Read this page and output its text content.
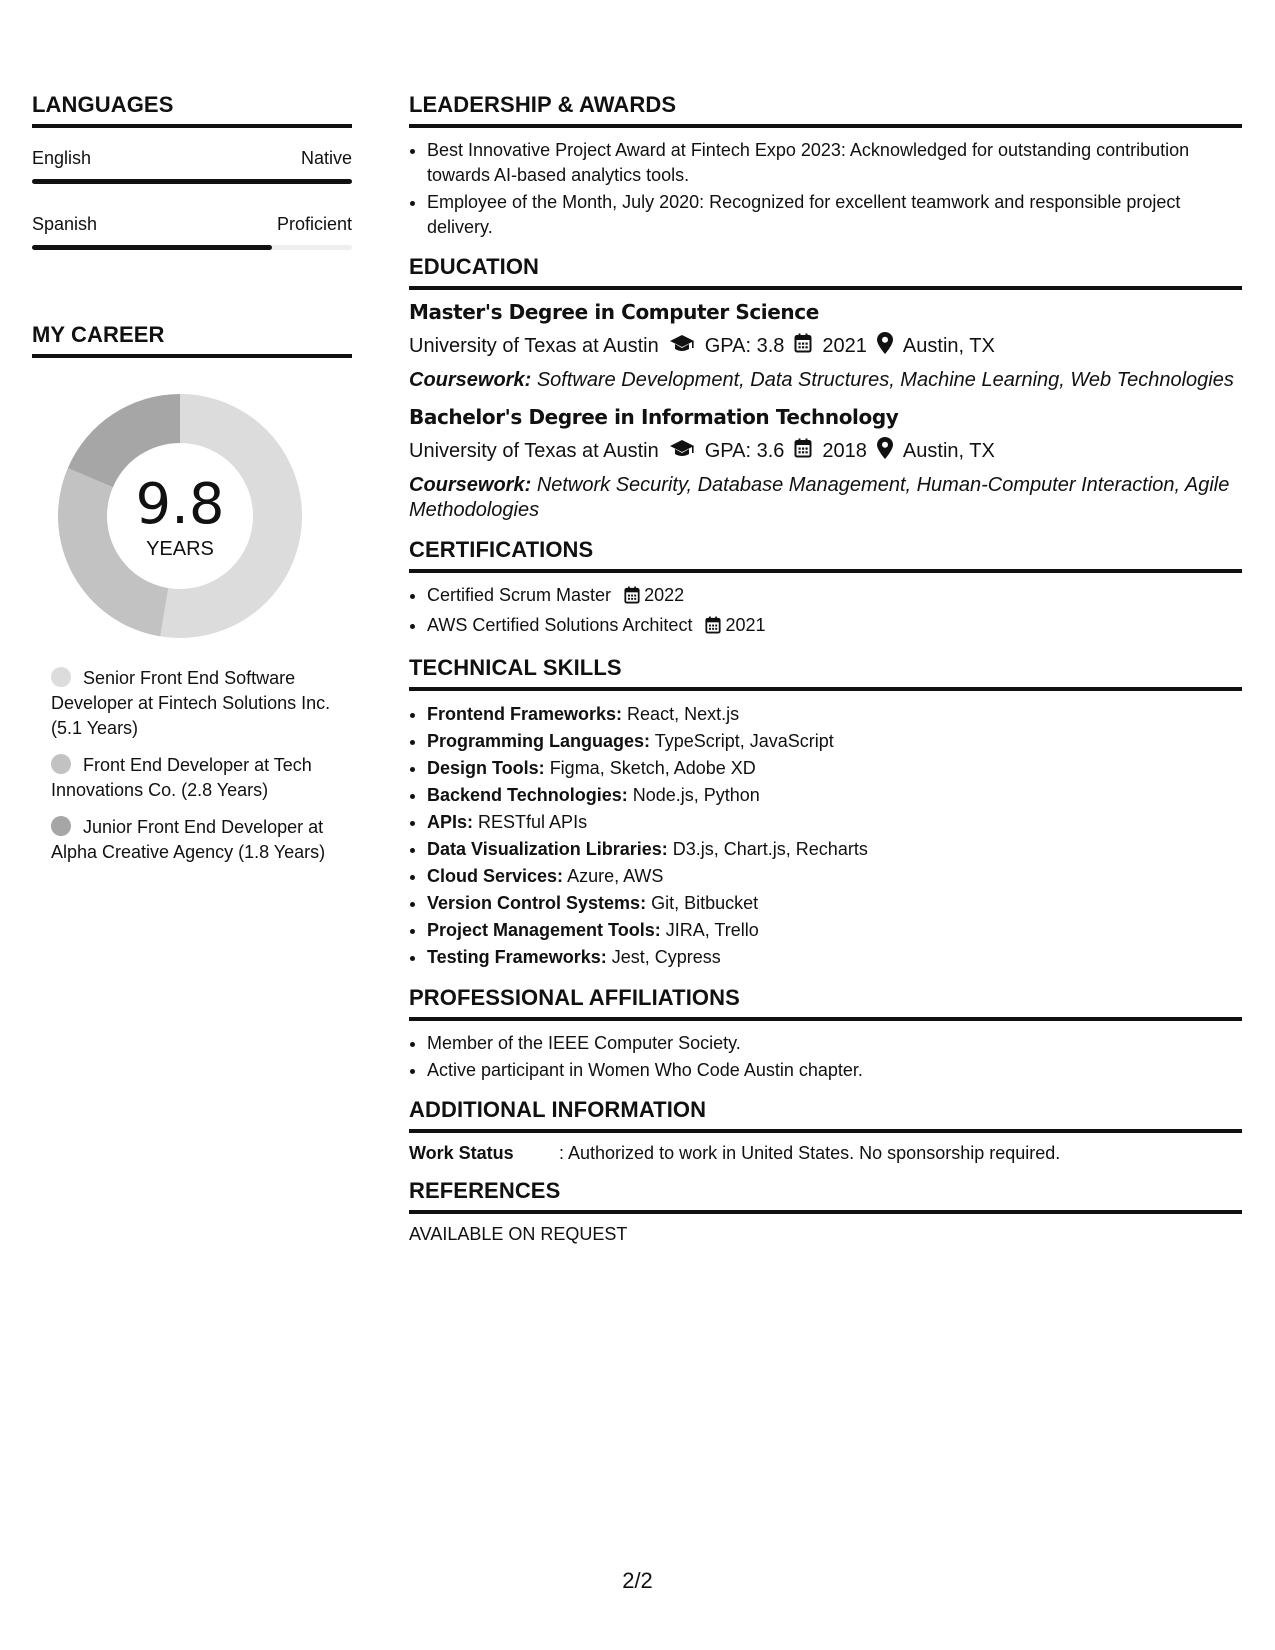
LANGUAGES
English	Native
Spanish	Proficient
MY CAREER
9.8
YEARS
Senior Front End Software Developer at Fintech Solutions Inc. (5.1 Years)
Front End Developer at Tech Innovations Co. (2.8 Years)
Junior Front End Developer at Alpha Creative Agency (1.8 Years)
LEADERSHIP & AWARDS
• Best Innovative Project Award at Fintech Expo 2023: Acknowledged for outstanding contribution towards AI-based analytics tools.
• Employee of the Month, July 2020: Recognized for excellent teamwork and responsible project delivery.
EDUCATION
Master's Degree in Computer Science
University of Texas at Austin GPA: 3.8 2021 Austin, TX
Coursework: Software Development, Data Structures, Machine Learning, Web Technologies
Bachelor's Degree in Information Technology
University of Texas at Austin GPA: 3.6 2018 Austin, TX
Coursework: Network Security, Database Management, Human-Computer Interaction, Agile Methodologies
CERTIFICATIONS
• Certified Scrum Master 2022
• AWS Certified Solutions Architect 2021
TECHNICAL SKILLS
• Frontend Frameworks: React, Next.js
• Programming Languages: TypeScript, JavaScript
• Design Tools: Figma, Sketch, Adobe XD
• Backend Technologies: Node.js, Python
• APIs: RESTful APIs
• Data Visualization Libraries: D3.js, Chart.js, Recharts
• Cloud Services: Azure, AWS
• Version Control Systems: Git, Bitbucket
• Project Management Tools: JIRA, Trello
• Testing Frameworks: Jest, Cypress
PROFESSIONAL AFFILIATIONS
• Member of the IEEE Computer Society.
• Active participant in Women Who Code Austin chapter.
ADDITIONAL INFORMATION
Work Status	: Authorized to work in United States. No sponsorship required.
REFERENCES
AVAILABLE ON REQUEST
2/2
